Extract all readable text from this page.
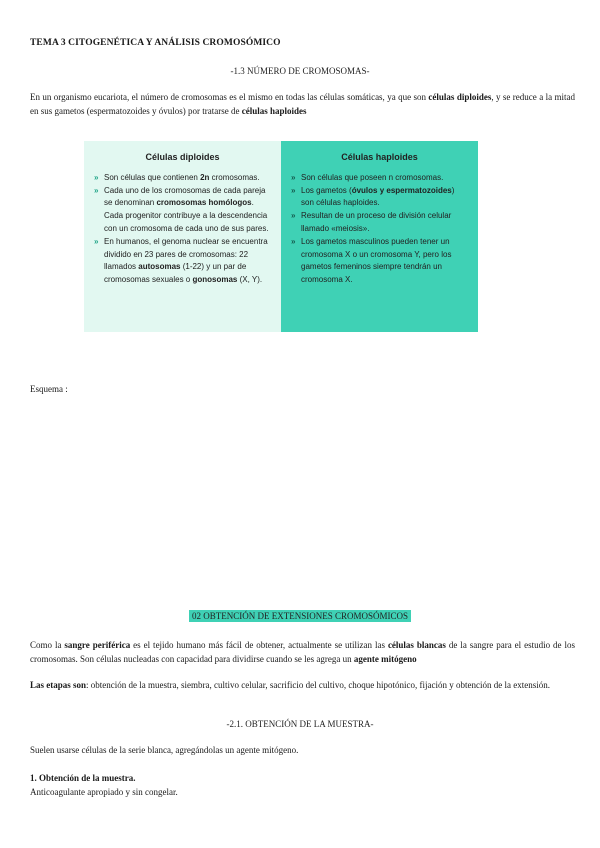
TEMA 3 CITOGENÉTICA Y ANÁLISIS CROMOSÓMICO
-1.3 NÚMERO DE CROMOSOMAS-
En un organismo eucariota, el número de cromosomas es el mismo en todas las células somáticas, ya que son células diploides, y se reduce a la mitad en sus gametos (espermatozoides y óvulos) por tratarse de células haploides
Células diploides
» Son células que contienen 2n cromosomas.
» Cada uno de los cromosomas de cada pareja se denominan cromosomas homólogos. Cada progenitor contribuye a la descendencia con un cromosoma de cada uno de sus pares.
» En humanos, el genoma nuclear se encuentra dividido en 23 pares de cromosomas: 22 llamados autosomas (1-22) y un par de cromosomas sexuales o gonosomas (X, Y).
Células haploides
» Son células que poseen n cromosomas.
» Los gametos (óvulos y espermatozoides) son células haploides.
» Resultan de un proceso de división celular llamado «meiosis».
» Los gametos masculinos pueden tener un cromosoma X o un cromosoma Y, pero los gametos femeninos siempre tendrán un cromosoma X.
Esquema :
02 OBTENCIÓN DE EXTENSIONES CROMOSÓMICOS
Como la sangre periférica es el tejido humano más fácil de obtener, actualmente se utilizan las células blancas de la sangre para el estudio de los cromosomas. Son células nucleadas con capacidad para dividirse cuando se les agrega un agente mitógeno
Las etapas son: obtención de la muestra, siembra, cultivo celular, sacrificio del cultivo, choque hipotónico, fijación y obtención de la extensión.
-2.1. OBTENCIÓN DE LA MUESTRA-
Suelen usarse células de la serie blanca, agregándolas un agente mitógeno.
1. Obtención de la muestra.
Anticoagulante apropiado y sin congelar.
